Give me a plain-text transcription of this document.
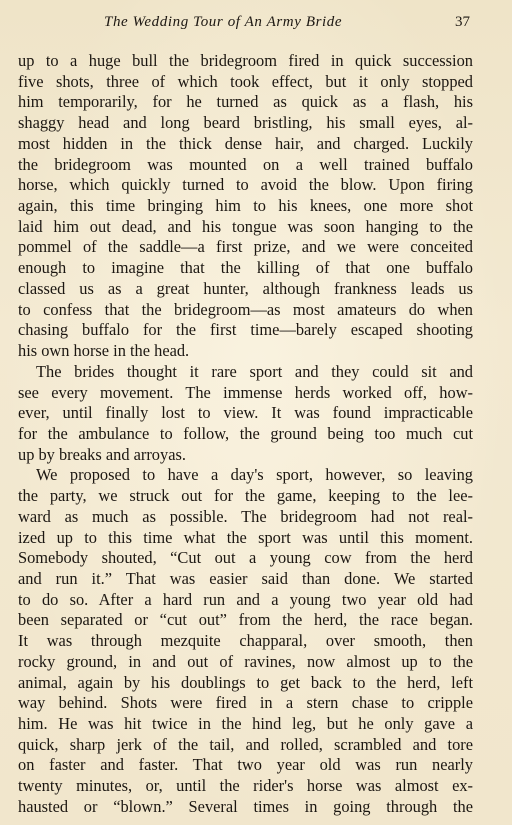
The Wedding Tour of An Army Bride	37
up to a huge bull the bridegroom fired in quick succession
five shots, three of which took effect, but it only stopped
him temporarily, for he turned as quick as a flash, his
shaggy head and long beard bristling, his small eyes, al-
most hidden in the thick dense hair, and charged. Luckily
the bridegroom was mounted on a well trained buffalo
horse, which quickly turned to avoid the blow. Upon firing
again, this time bringing him to his knees, one more shot
laid him out dead, and his tongue was soon hanging to the
pommel of the saddle—a first prize, and we were conceited
enough to imagine that the killing of that one buffalo
classed us as a great hunter, although frankness leads us
to confess that the bridegroom—as most amateurs do when
chasing buffalo for the first time—barely escaped shooting
his own horse in the head.
The brides thought it rare sport and they could sit and
see every movement. The immense herds worked off, how-
ever, until finally lost to view. It was found impracticable
for the ambulance to follow, the ground being too much cut
up by breaks and arroyas.
We proposed to have a day's sport, however, so leaving
the party, we struck out for the game, keeping to the lee-
ward as much as possible. The bridegroom had not real-
ized up to this time what the sport was until this moment.
Somebody shouted, “Cut out a young cow from the herd
and run it.” That was easier said than done. We started
to do so. After a hard run and a young two year old had
been separated or “cut out” from the herd, the race began.
It was through mezquite chapparal, over smooth, then
rocky ground, in and out of ravines, now almost up to the
animal, again by his doublings to get back to the herd, left
way behind. Shots were fired in a stern chase to cripple
him. He was hit twice in the hind leg, but he only gave a
quick, sharp jerk of the tail, and rolled, scrambled and tore
on faster and faster. That two year old was run nearly
twenty minutes, or, until the rider's horse was almost ex-
hausted or “blown.” Several times in going through the
